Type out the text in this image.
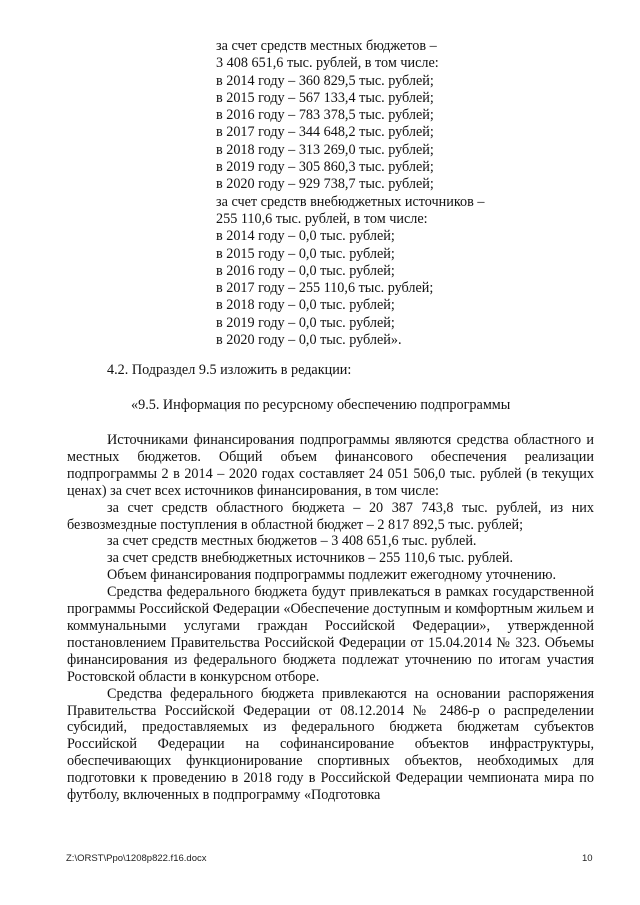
за счет средств местных бюджетов –
3 408 651,6 тыс. рублей, в том числе:
в 2014 году – 360 829,5 тыс. рублей;
в 2015 году – 567 133,4 тыс. рублей;
в 2016 году – 783 378,5 тыс. рублей;
в 2017 году – 344 648,2 тыс. рублей;
в 2018 году – 313 269,0 тыс. рублей;
в 2019 году – 305 860,3 тыс. рублей;
в 2020 году – 929 738,7 тыс. рублей;
за счет средств внебюджетных источников –
255 110,6 тыс. рублей, в том числе:
в 2014 году – 0,0 тыс. рублей;
в 2015 году – 0,0 тыс. рублей;
в 2016 году – 0,0 тыс. рублей;
в 2017 году – 255 110,6 тыс. рублей;
в 2018 году – 0,0 тыс. рублей;
в 2019 году – 0,0 тыс. рублей;
в 2020 году – 0,0 тыс. рублей».
4.2. Подраздел 9.5 изложить в редакции:
«9.5. Информация по ресурсному обеспечению подпрограммы

Источниками финансирования подпрограммы являются средства областного и местных бюджетов. Общий объем финансового обеспечения реализации подпрограммы 2 в 2014 – 2020 годах составляет 24 051 506,0 тыс. рублей (в текущих ценах) за счет всех источников финансирования, в том числе:

за счет средств областного бюджета – 20 387 743,8 тыс. рублей, из них безвозмездные поступления в областной бюджет – 2 817 892,5 тыс. рублей;

за счет средств местных бюджетов – 3 408 651,6 тыс. рублей.

за счет средств внебюджетных источников – 255 110,6 тыс. рублей.

Объем финансирования подпрограммы подлежит ежегодному уточнению.

Средства федерального бюджета будут привлекаться в рамках государственной программы Российской Федерации «Обеспечение доступным и комфортным жильем и коммунальными услугами граждан Российской Федерации», утвержденной постановлением Правительства Российской Федерации от 15.04.2014 № 323. Объемы финансирования из федерального бюджета подлежат уточнению по итогам участия Ростовской области в конкурсном отборе.

Средства федерального бюджета привлекаются на основании распоряжения Правительства Российской Федерации от 08.12.2014 № 2486-р о распределении субсидий, предоставляемых из федерального бюджета бюджетам субъектов Российской Федерации на софинансирование объектов инфраструктуры, обеспечивающих функционирование спортивных объектов, необходимых для подготовки к проведению в 2018 году в Российской Федерации чемпионата мира по футболу, включенных в подпрограмму «Подготовка

Z:\ORST\Ppo\1208p822.f16.docx	10
